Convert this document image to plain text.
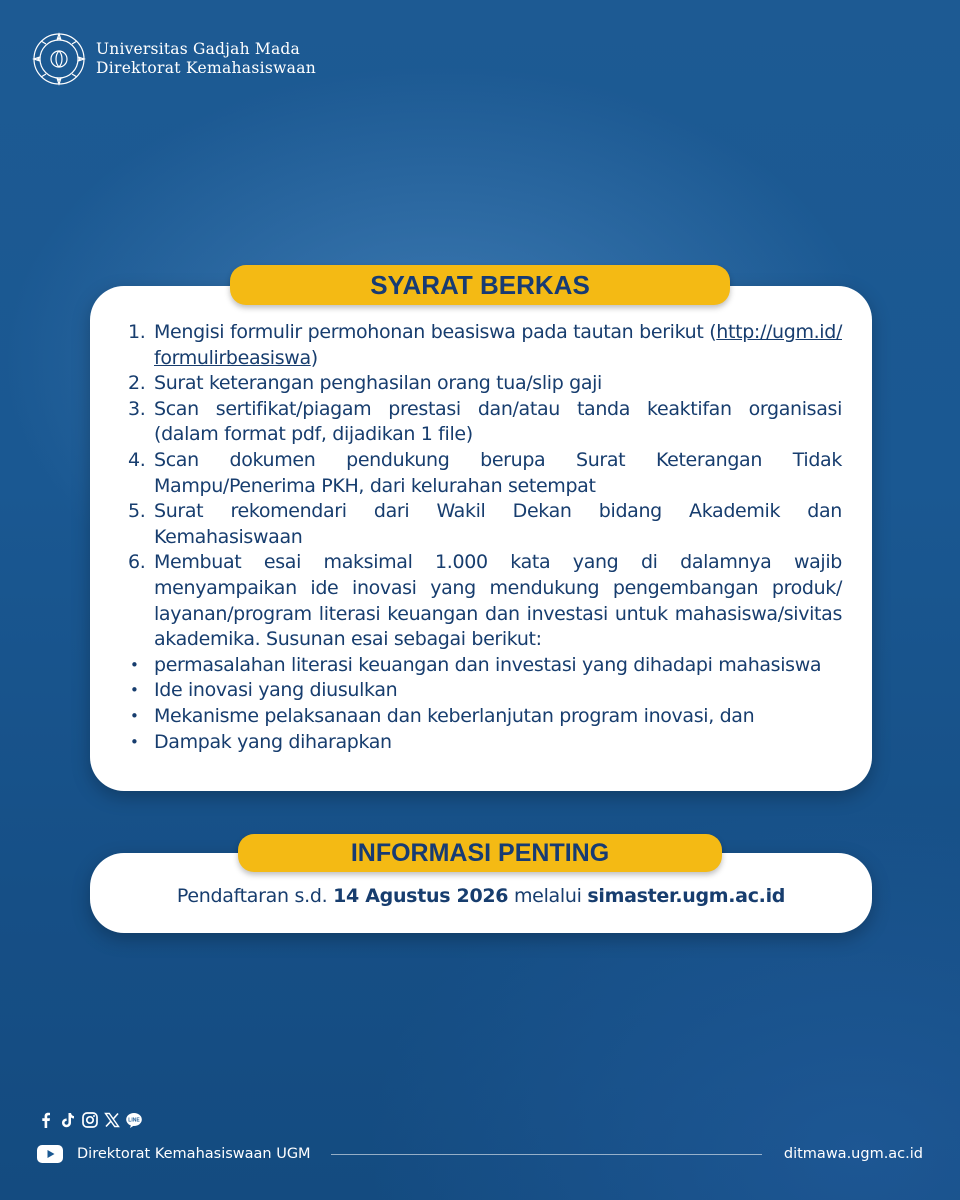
Universitas Gadjah Mada
Direktorat Kemahasiswaan
SYARAT BERKAS
1. Mengisi formulir permohonan beasiswa pada tautan berikut (http://ugm.id/ formulirbeasiswa)
2. Surat keterangan penghasilan orang tua/slip gaji
3. Scan sertifikat/piagam prestasi dan/atau tanda keaktifan organisasi (dalam format pdf, dijadikan 1 file)
4. Scan dokumen pendukung berupa Surat Keterangan Tidak Mampu/Penerima PKH, dari kelurahan setempat
5. Surat rekomendari dari Wakil Dekan bidang Akademik dan Kemahasiswaan
6. Membuat esai maksimal 1.000 kata yang di dalamnya wajib menyampaikan ide inovasi yang mendukung pengembangan produk/ layanan/program literasi keuangan dan investasi untuk mahasiswa/sivitas akademika. Susunan esai sebagai berikut:
• permasalahan literasi keuangan dan investasi yang dihadapi mahasiswa
• Ide inovasi yang diusulkan
• Mekanisme pelaksanaan dan keberlanjutan program inovasi, dan
• Dampak yang diharapkan
INFORMASI PENTING
Pendaftaran s.d. 14 Agustus 2026 melalui simaster.ugm.ac.id
LINE
Direktorat Kemahasiswaan UGM	ditmawa.ugm.ac.id
